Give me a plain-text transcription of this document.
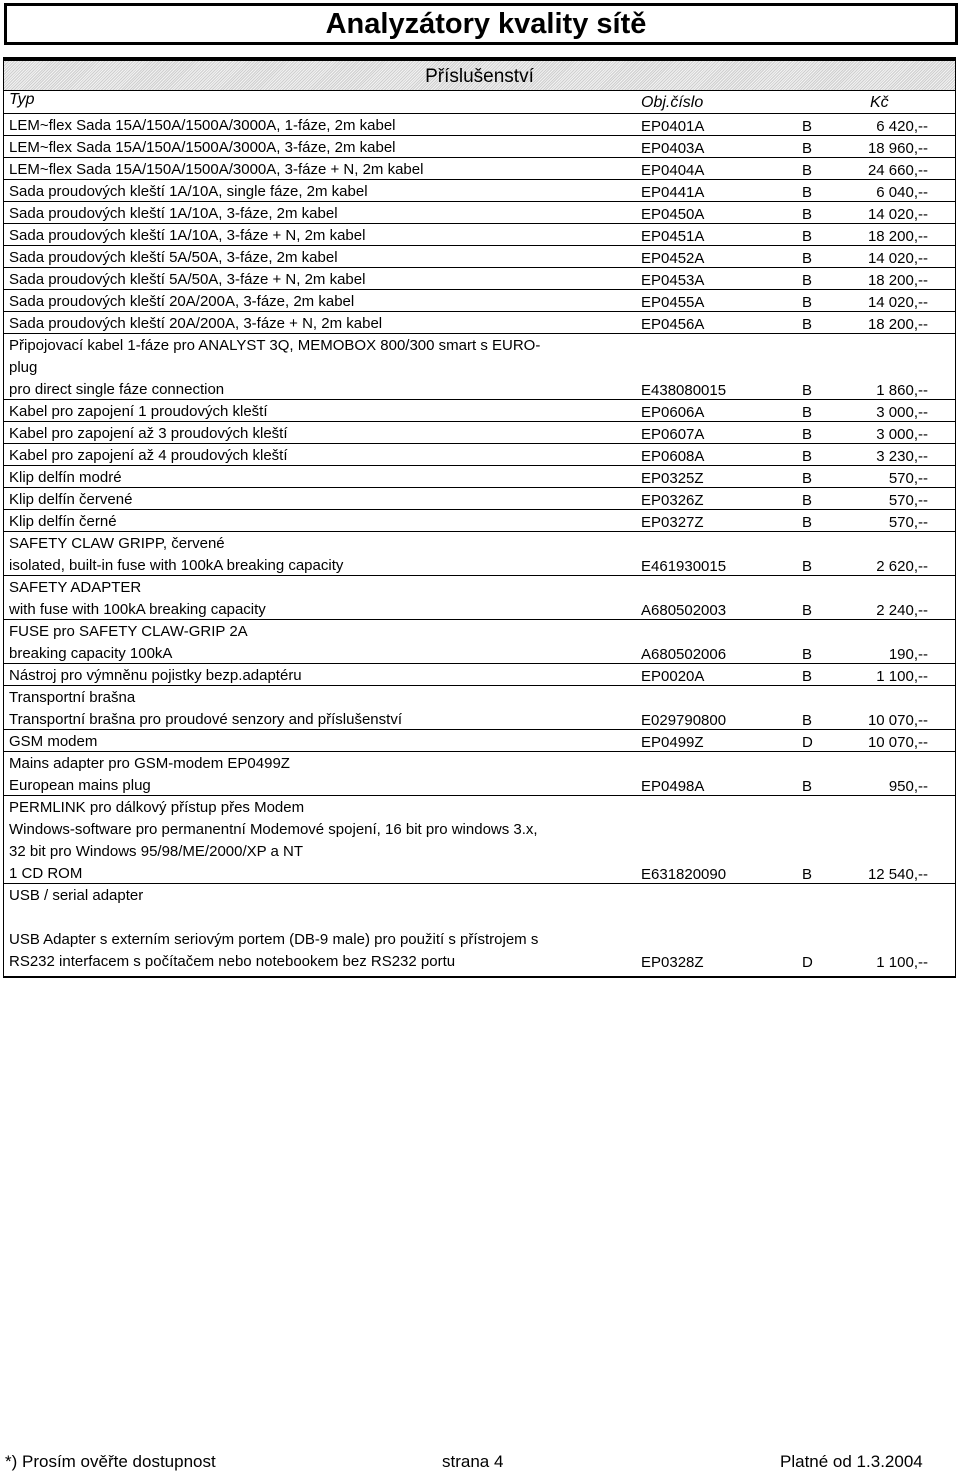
Analyzátory kvality sítě
Příslušenství
Typ	Obj.číslo	Kč
LEM~flex Sada 15A/150A/1500A/3000A, 1-fáze, 2m kabel	EP0401A	B	6 420,--
LEM~flex Sada 15A/150A/1500A/3000A, 3-fáze, 2m kabel	EP0403A	B	18 960,--
LEM~flex Sada 15A/150A/1500A/3000A, 3-fáze + N, 2m kabel	EP0404A	B	24 660,--
Sada proudových kleští 1A/10A, single fáze, 2m kabel	EP0441A	B	6 040,--
Sada proudových kleští 1A/10A, 3-fáze, 2m kabel	EP0450A	B	14 020,--
Sada proudových kleští 1A/10A, 3-fáze + N, 2m kabel	EP0451A	B	18 200,--
Sada proudových kleští 5A/50A, 3-fáze, 2m kabel	EP0452A	B	14 020,--
Sada proudových kleští 5A/50A, 3-fáze + N, 2m kabel	EP0453A	B	18 200,--
Sada proudových kleští 20A/200A, 3-fáze, 2m kabel	EP0455A	B	14 020,--
Sada proudových kleští 20A/200A, 3-fáze + N, 2m kabel	EP0456A	B	18 200,--
Připojovací kabel 1-fáze pro ANALYST 3Q, MEMOBOX 800/300 smart s EURO-
plug
pro direct single fáze connection	E438080015	B	1 860,--
Kabel pro zapojení 1 proudových kleští	EP0606A	B	3 000,--
Kabel pro zapojení až 3 proudových kleští	EP0607A	B	3 000,--
Kabel pro zapojení až 4 proudových kleští	EP0608A	B	3 230,--
Klip delfín modré	EP0325Z	B	570,--
Klip delfín červené	EP0326Z	B	570,--
Klip delfín černé	EP0327Z	B	570,--
SAFETY CLAW GRIPP, červené
isolated, built-in fuse with 100kA breaking capacity	E461930015	B	2 620,--
SAFETY ADAPTER
with fuse with 100kA breaking capacity	A680502003	B	2 240,--
FUSE pro SAFETY CLAW-GRIP 2A
breaking capacity 100kA	A680502006	B	190,--
Nástroj pro výmněnu pojistky bezp.adaptéru	EP0020A	B	1 100,--
Transportní brašna
Transportní brašna pro proudové senzory and příslušenství	E029790800	B	10 070,--
GSM modem	EP0499Z	D	10 070,--
Mains adapter pro GSM-modem EP0499Z
European mains plug	EP0498A	B	950,--
PERMLINK pro dálkový přístup přes Modem
Windows-software pro permanentní Modemové spojení, 16 bit pro windows 3.x,
32 bit pro Windows 95/98/ME/2000/XP a NT
1 CD ROM	E631820090	B	12 540,--
USB / serial adapter
USB Adapter s externím seriovým portem (DB-9 male) pro použití s přístrojem s
RS232 interfacem s počítačem nebo notebookem bez RS232 portu	EP0328Z	D	1 100,--
*) Prosím ověřte dostupnost	strana 4	Platné od 1.3.2004
